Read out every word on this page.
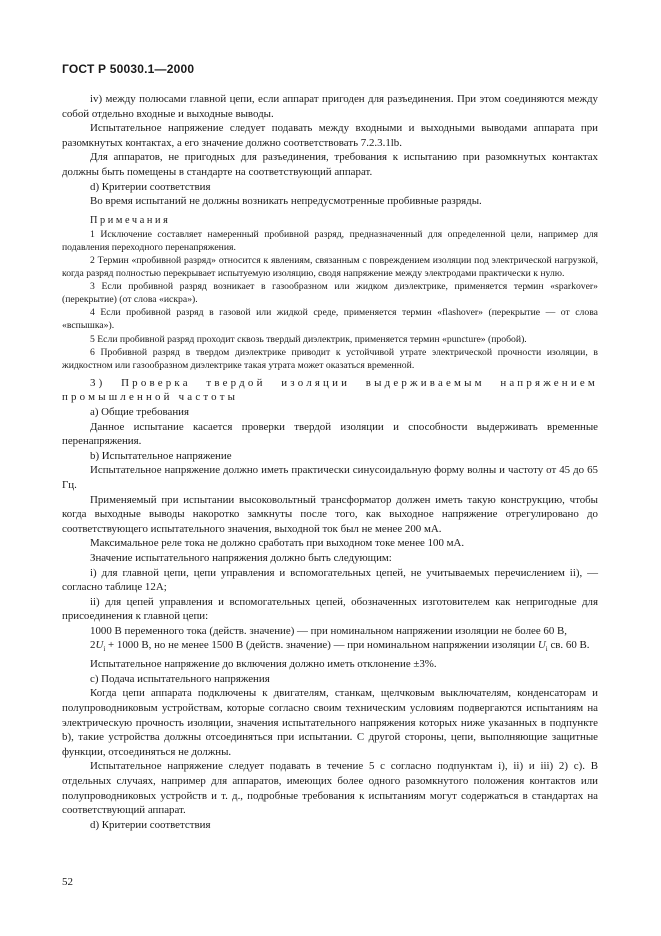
ГОСТ Р 50030.1—2000

iv) между полюсами главной цепи, если аппарат пригоден для разъединения. При этом соединяются между собой отдельно входные и выходные выводы.

Испытательное напряжение следует подавать между входными и выходными выводами аппарата при разомкнутых контактах, а его значение должно соответствовать 7.2.3.1lb.

Для аппаратов, не пригодных для разъединения, требования к испытанию при разомкнутых контактах должны быть помещены в стандарте на соответствующий аппарат.

d) Критерии соответствия

Во время испытаний не должны возникать непредусмотренные пробивные разряды.

Примечания

1 Исключение составляет намеренный пробивной разряд, предназначенный для определенной цели, например для подавления переходного перенапряжения.

2 Термин «пробивной разряд» относится к явлениям, связанным с повреждением изоляции под электрической нагрузкой, когда разряд полностью перекрывает испытуемую изоляцию, сводя напряжение между электродами практически к нулю.

3 Если пробивной разряд возникает в газообразном или жидком диэлектрике, применяется термин «sparkover» (перекрытие) (от слова «искра»).

4 Если пробивной разряд в газовой или жидкой среде, применяется термин «flashover» (перекрытие — от слова «вспышка»).

5 Если пробивной разряд проходит сквозь твердый диэлектрик, применяется термин «puncture» (пробой).

6 Пробивной разряд в твердом диэлектрике приводит к устойчивой утрате электрической прочности изоляции, в жидкостном или газообразном диэлектрике такая утрата может оказаться временной.

3) Проверка твердой изоляции выдерживаемым напряжением промышленной частоты

а) Общие требования

Данное испытание касается проверки твердой изоляции и способности выдерживать временные перенапряжения.

b) Испытательное напряжение

Испытательное напряжение должно иметь практически синусоидальную форму волны и частоту от 45 до 65 Гц.

Применяемый при испытании высоковольтный трансформатор должен иметь такую конструкцию, чтобы когда выходные выводы накоротко замкнуты после того, как выходное напряжение отрегулировано до соответствующего испытательного значения, выходной ток был не менее 200 мА.

Максимальное реле тока не должно сработать при выходном токе менее 100 мА.

Значение испытательного напряжения должно быть следующим:

i) для главной цепи, цепи управления и вспомогательных цепей, не учитываемых перечислением ii), — согласно таблице 12А;

ii) для цепей управления и вспомогательных цепей, обозначенных изготовителем как непригодные для присоединения к главной цепи:

1000 В переменного тока (действ. значение) — при номинальном напряжении изоляции не более 60 В,

$2U_i + 1000$ В, но не менее 1500 В (действ. значение) — при номинальном напряжении изоляции $U_i$ св. 60 В.

Испытательное напряжение до включения должно иметь отклонение ±3%.

с) Подача испытательного напряжения

Когда цепи аппарата подключены к двигателям, станкам, щелчковым выключателям, конденсаторам и полупроводниковым устройствам, которые согласно своим техническим условиям подвергаются испытаниям на электрическую прочность изоляции, значения испытательного напряжения которых ниже указанных в подпункте b), такие устройства должны отсоединяться при испытании. С другой стороны, цепи, выполняющие защитные функции, отсоединяться не должны.

Испытательное напряжение следует подавать в течение 5 с согласно подпунктам i), ii) и iii) 2) с). В отдельных случаях, например для аппаратов, имеющих более одного разомкнутого положения контактов или полупроводниковых устройств и т. д., подробные требования к испытаниям могут содержаться в стандартах на соответствующий аппарат.

d) Критерии соответствия

52
